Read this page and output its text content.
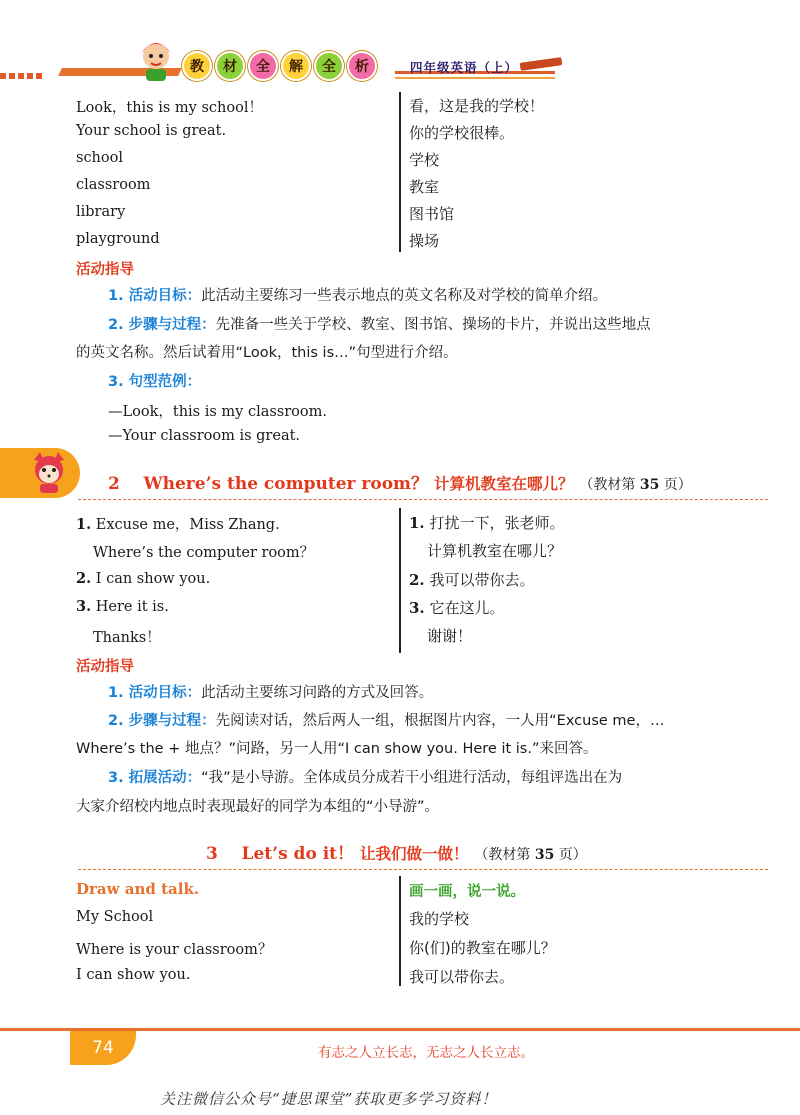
教	材	全	解	全	析	四年级英语（上）
Look，this is my school！	看，这是我的学校！
Your school is great.	你的学校很棒。
school	学校
classroom	教室
library	图书馆
playground	操场
活动指导
1. 活动目标：此活动主要练习一些表示地点的英文名称及对学校的简单介绍。
2. 步骤与过程：先准备一些关于学校、教室、图书馆、操场的卡片，并说出这些地点
的英文名称。然后试着用“Look，this is…”句型进行介绍。
3. 句型范例：
—Look，this is my classroom.
—Your classroom is great.
2 Where’s the computer room？ 计算机教室在哪儿？ （教材第 35 页）
1. Excuse me，Miss Zhang.	1. 打扰一下，张老师。
Where’s the computer room？	计算机教室在哪儿？
2. I can show you.	2. 我可以带你去。
3. Here it is.	3. 它在这儿。
Thanks！	谢谢！
活动指导
1. 活动目标：此活动主要练习问路的方式及回答。
2. 步骤与过程：先阅读对话，然后两人一组，根据图片内容，一人用“Excuse me，…
Where’s the + 地点？”问路，另一人用“I can show you. Here it is.”来回答。
3. 拓展活动：“我”是小导游。全体成员分成若干小组进行活动，每组评选出在为
大家介绍校内地点时表现最好的同学为本组的“小导游”。
3 Let’s do it！ 让我们做一做！ （教材第 35 页）
Draw and talk.	画一画，说一说。
My School	我的学校
Where is your classroom？	你(们)的教室在哪儿？
I can show you.	我可以带你去。
74	有志之人立长志，无志之人长立志。
关注微信公众号“捷思课堂”获取更多学习资料！
